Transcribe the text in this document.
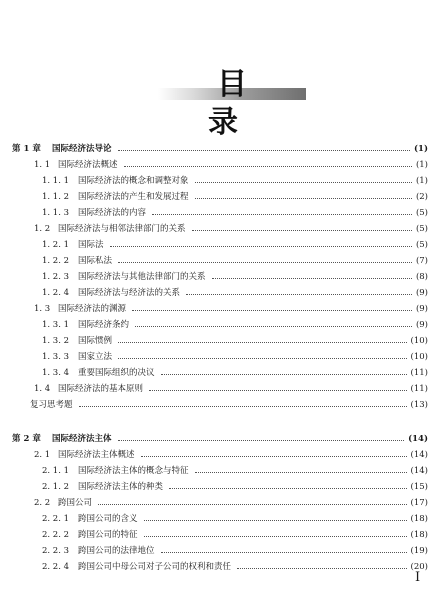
目 录
第 1 章 国际经济法导论	(1)
1. 1 国际经济法概述	(1)
1. 1. 1 国际经济法的概念和调整对象	(1)
1. 1. 2 国际经济法的产生和发展过程	(2)
1. 1. 3 国际经济法的内容	(5)
1. 2 国际经济法与相邻法律部门的关系	(5)
1. 2. 1 国际法	(5)
1. 2. 2 国际私法	(7)
1. 2. 3 国际经济法与其他法律部门的关系	(8)
1. 2. 4 国际经济法与经济法的关系	(9)
1. 3 国际经济法的渊源	(9)
1. 3. 1 国际经济条约	(9)
1. 3. 2 国际惯例	(10)
1. 3. 3 国家立法	(10)
1. 3. 4 重要国际组织的决议	(11)
1. 4 国际经济法的基本原则	(11)
复习思考题	(13)
第 2 章 国际经济法主体	(14)
2. 1 国际经济法主体概述	(14)
2. 1. 1 国际经济法主体的概念与特征	(14)
2. 1. 2 国际经济法主体的种类	(15)
2. 2 跨国公司	(17)
2. 2. 1 跨国公司的含义	(18)
2. 2. 2 跨国公司的特征	(18)
2. 2. 3 跨国公司的法律地位	(19)
2. 2. 4 跨国公司中母公司对子公司的权利和责任	(20)
Ⅰ
